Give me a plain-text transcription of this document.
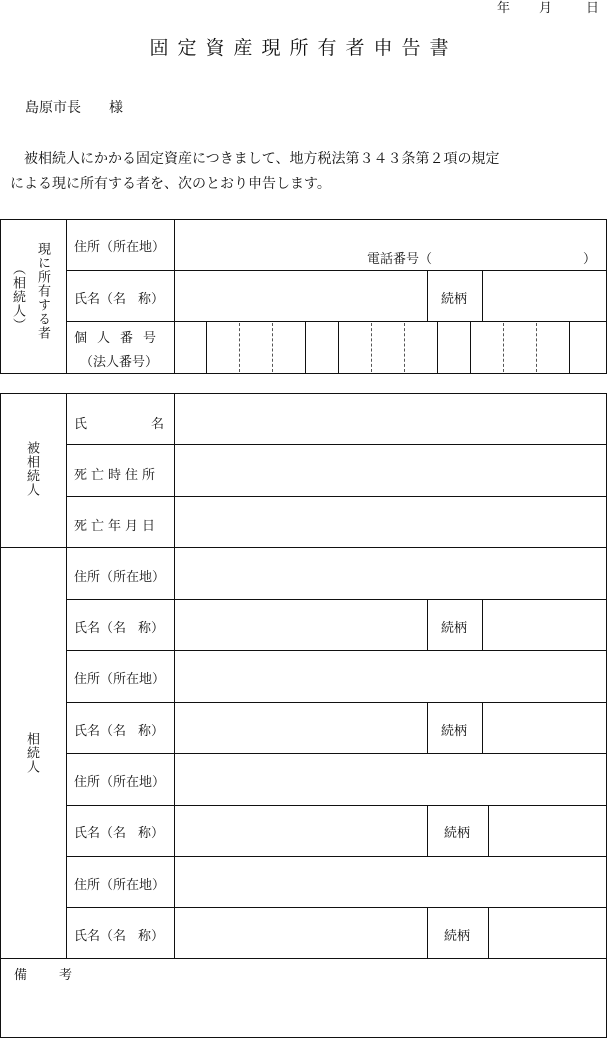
年 月	日
固定資産現所有者申告書
島原市長 様

被相続人にかかる固定資産につきまして、地方税法第３４３条第２項の規定

による現に所有する者を、次のとおり申告します。

現に所有する者
（相続人）
住所（所在地）
電話番号（	）
氏名（名 称）	続柄
個人番号
（法人番号）
被相続人
氏	名
死亡時住所
死亡年月日
相続人
住所（所在地）
氏名（名 称）	続柄
住所（所在地）
氏名（名 称）	続柄
住所（所在地）
氏名（名 称）	続柄
住所（所在地）
氏名（名 称）	続柄
備 考
